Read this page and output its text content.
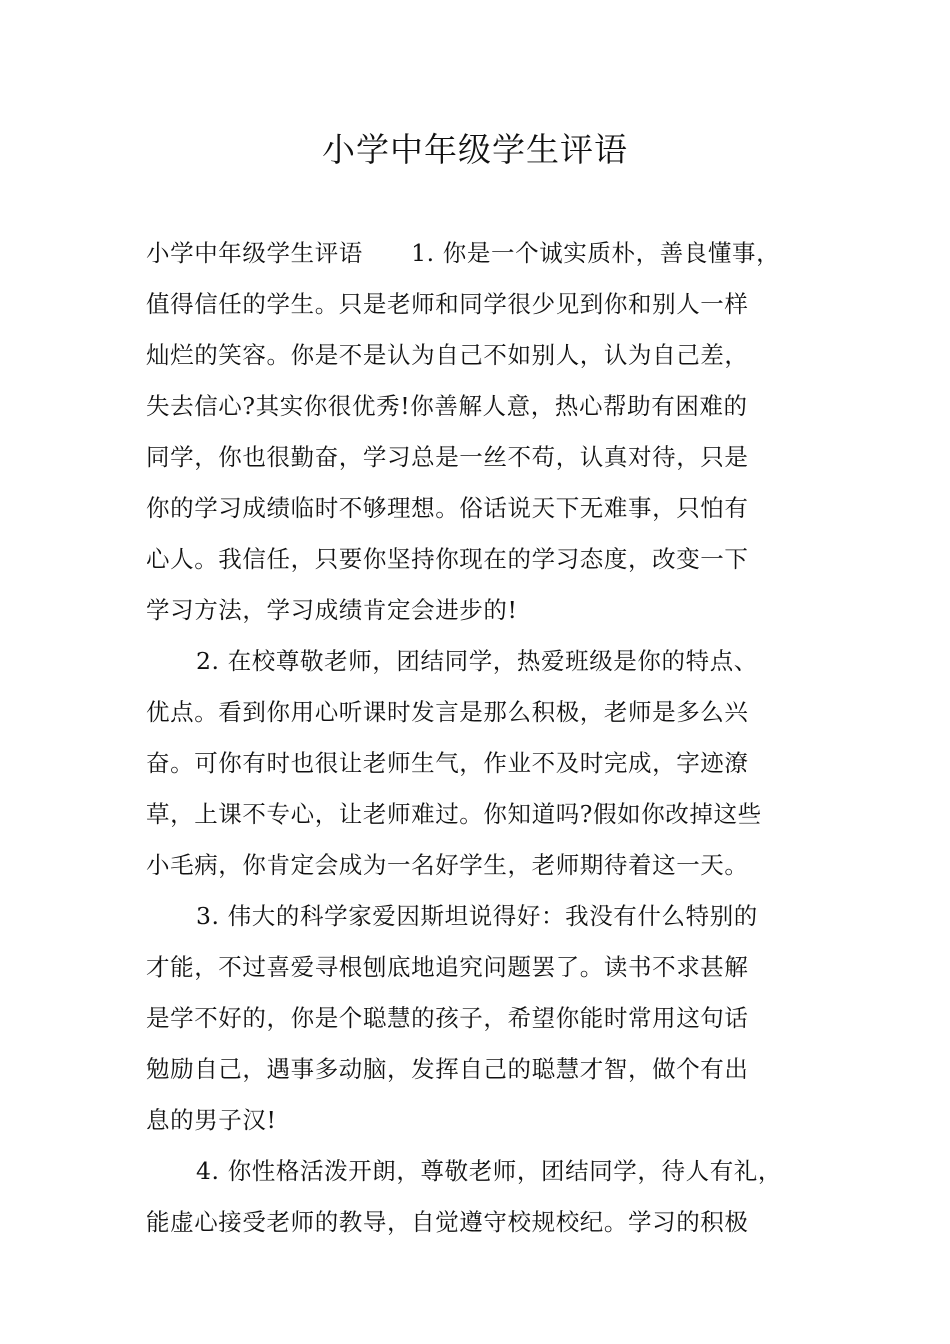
小学中年级学生评语
小学中年级学生评语　　1. 你是一个诚实质朴，善良懂事，
值得信任的学生。只是老师和同学很少见到你和别人一样
灿烂的笑容。你是不是认为自己不如别人，认为自己差，
失去信心?其实你很优秀!你善解人意，热心帮助有困难的
同学，你也很勤奋，学习总是一丝不苟，认真对待，只是
你的学习成绩临时不够理想。俗话说天下无难事，只怕有
心人。我信任，只要你坚持你现在的学习态度，改变一下
学习方法，学习成绩肯定会进步的!
2. 在校尊敬老师，团结同学，热爱班级是你的特点、
优点。看到你用心听课时发言是那么积极，老师是多么兴
奋。可你有时也很让老师生气，作业不及时完成，字迹潦
草，上课不专心，让老师难过。你知道吗?假如你改掉这些
小毛病，你肯定会成为一名好学生，老师期待着这一天。
3. 伟大的科学家爱因斯坦说得好：我没有什么特别的
才能，不过喜爱寻根刨底地追究问题罢了。读书不求甚解
是学不好的，你是个聪慧的孩子，希望你能时常用这句话
勉励自己，遇事多动脑，发挥自己的聪慧才智，做个有出
息的男子汉!
4. 你性格活泼开朗，尊敬老师，团结同学，待人有礼，
能虚心接受老师的教导，自觉遵守校规校纪。学习的积极
